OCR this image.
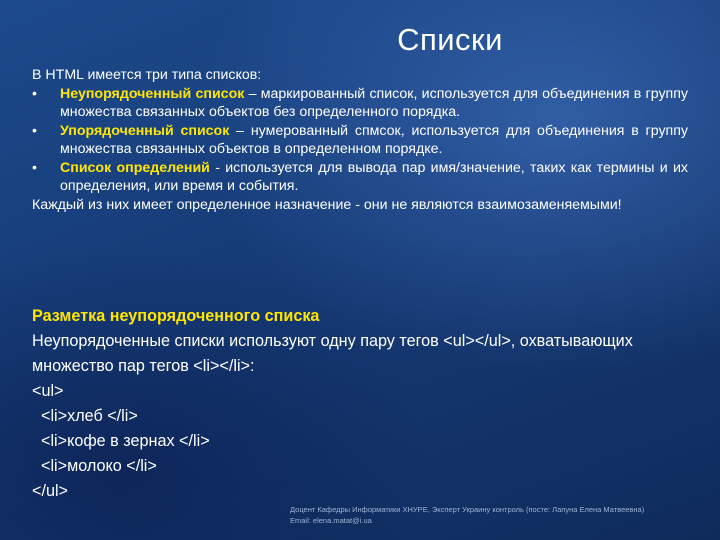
Списки

В HTML имеется три типа списков:

• Неупорядоченный список – маркированный список, используется для объединения в группу множества связанных объектов без определенного порядка.

• Упорядоченный список – нумерованный спмсок, используется для объединения в группу множества связанных объектов в определенном порядке.

• Список определений - используется для вывода пар имя/значение, таких как термины и их определения, или время и события.

Каждый из них имеет определенное назначение - они не являются взаимозаменяемыми!

Разметка неупорядоченного списка

Неупорядоченные списки используют одну пару тегов <ul></ul>, охватывающих множество пар тегов <li></li>:

<ul>

<li>хлеб </li>

<li>кофе в зернах </li>

<li>молоко </li>

</ul>

Доцент Кафедры Информатики ХНУРЕ, Эксперт Украину контроль (посте: Лапуна Елена Матвеевна)
Email: elena.matat@i.ua
